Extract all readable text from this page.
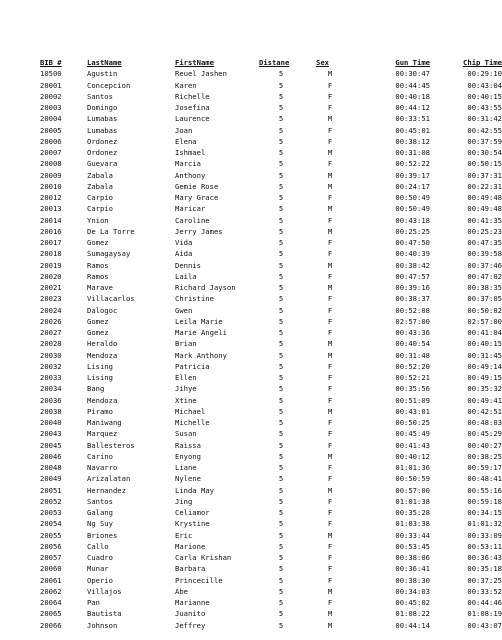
BIB #	LastName	FirstName	Distane	Sex	Gun Time	Chip Time
10500	Agustin	Reuel Jashen	5	M	00:30:47	00:29:10
20001	Concepcion	Karen	5	F	00:44:45	00:43:04
20002	Santos	Richelle	5	F	00:40:18	00:40:15
20003	Domingo	Josefina	5	F	00:44:12	00:43:55
20004	Lumabas	Laurence	5	M	00:33:51	00:31:42
20005	Lumabas	Joan	5	F	00:45:01	00:42:55
20006	Ordonez	Elena	5	F	00:38:12	00:37:59
20007	Ordonez	Ishmael	5	M	00:31:08	00:30:54
20008	Guevara	Marcia	5	F	00:52:22	00:50:15
20009	Zabala	Anthony	5	M	00:39:17	00:37:31
20010	Zabala	Gemie Rose	5	M	00:24:17	00:22:31
20012	Carpio	Mary Grace	5	F	00:50:49	00:49:48
20013	Carpio	Maricar	5	M	00:50:49	00:49:48
20014	Ynion	Caroline	5	F	00:43:18	00:41:35
20016	De La Torre	Jerry James	5	M	00:25:25	00:25:23
20017	Gomez	Vida	5	F	00:47:50	00:47:35
20018	Sumagaysay	Aida	5	F	00:40:39	00:39:58
20019	Ramos	Dennis	5	M	00:38:42	00:37:46
20020	Ramos	Laila	5	F	00:47:57	00:47:02
20021	Marave	Richard Jayson	5	M	00:39:16	00:38:35
20023	Villacarlos	Christine	5	F	00:38:37	00:37:05
20024	Dalogoc	Gwen	5	F	00:52:08	00:50:02
20026	Gomez	Leila Marie	5	F	02:57:00	02:57:00
20027	Gomez	Marie Angeli	5	F	00:43:36	00:41:04
20028	Heraldo	Brian	5	M	00:40:54	00:40:15
20030	Mendoza	Mark Anthony	5	M	00:31:48	00:31:45
20032	Lising	Patricia	5	F	00:52:20	00:49:14
20033	Lising	Ellen	5	F	00:52:21	00:49:15
20034	Bang	Jihye	5	F	00:35:56	00:35:32
20036	Mendoza	Xtine	5	F	00:51:09	00:49:41
20038	Piramo	Michael	5	M	00:43:01	00:42:51
20040	Maniwang	Michelle	5	F	00:50:25	00:48:03
20043	Marquez	Susan	5	F	00:45:49	00:45:29
20045	Ballesteros	Raissa	5	F	00:41:43	00:40:27
20046	Carino	Enyong	5	M	00:40:12	00:38:25
20048	Navarro	Liane	5	F	01:01:36	00:59:17
20049	Arizalatan	Nylene	5	F	00:50:59	00:48:41
20051	Hernandez	Linda May	5	M	00:57:00	00:55:16
20052	Santos	Jing	5	F	01:01:38	00:59:18
20053	Galang	Celiamor	5	F	00:35:28	00:34:15
20054	Ng Suy	Krystine	5	F	01:03:38	01:01:32
20055	Briones	Eric	5	M	00:33:44	00:33:09
20056	Callo	Marione	5	F	00:53:45	00:53:11
20057	Cuadro	Carla Krishan	5	F	00:38:06	00:36:43
20060	Munar	Barbara	5	F	00:36:41	00:35:18
20061	Operio	Princecille	5	F	00:38:30	00:37:25
20062	Villajos	Abe	5	M	00:34:03	00:33:52
20064	Pan	Marianne	5	F	00:45:02	00:44:46
20065	Bautista	Juanito	5	M	01:08:22	01:08:19
20066	Johnson	Jeffrey	5	M	00:44:14	00:43:07
